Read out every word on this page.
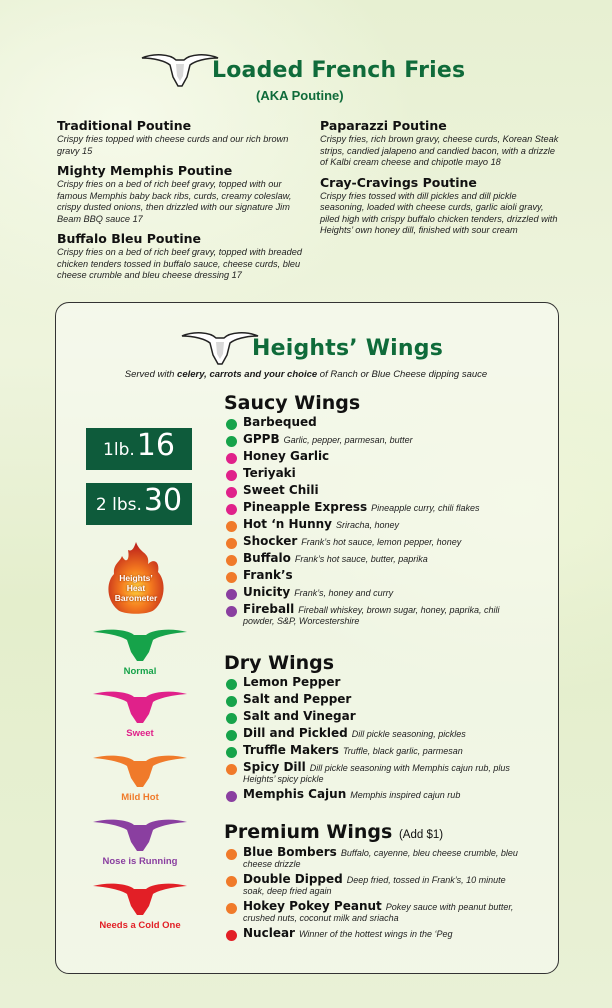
Loaded French Fries
(AKA Poutine)
Traditional Poutine
Crispy fries topped with cheese curds and our rich brown gravy 15
Mighty Memphis Poutine
Crispy fries on a bed of rich beef gravy, topped with our famous Memphis baby back ribs, curds, creamy coleslaw, crispy dusted onions, then drizzled with our signature Jim Beam BBQ sauce 17
Buffalo Bleu Poutine
Crispy fries on a bed of rich beef gravy, topped with breaded chicken tenders tossed in buffalo sauce, cheese curds, bleu cheese crumble and bleu cheese dressing 17
Paparazzi Poutine
Crispy fries, rich brown gravy, cheese curds, Korean Steak strips, candied jalapeno and candied bacon, with a drizzle of Kalbi cream cheese and chipotle mayo 18
Cray-Cravings Poutine
Crispy fries tossed with dill pickles and dill pickle seasoning, loaded with cheese curds, garlic aioli gravy, piled high with crispy buffalo chicken tenders, drizzled with Heights’ own honey dill, finished with sour cream
Heights’ Wings
Served with celery, carrots and your choice of Ranch or Blue Cheese dipping sauce
1lb. 16
2 lbs. 30
Heights’
Heat
Barometer
Normal
Sweet
Mild Hot
Nose is Running
Needs a Cold One
Saucy Wings
Barbequed
GPPB Garlic, pepper, parmesan, butter
Honey Garlic
Teriyaki
Sweet Chili
Pineapple Express Pineapple curry, chili flakes
Hot ‘n Hunny Sriracha, honey
Shocker Frank’s hot sauce, lemon pepper, honey
Buffalo Frank’s hot sauce, butter, paprika
Frank’s
Unicity Frank’s, honey and curry
Fireball Fireball whiskey, brown sugar, honey, paprika, chili powder, S&P, Worcestershire
Dry Wings
Lemon Pepper
Salt and Pepper
Salt and Vinegar
Dill and Pickled Dill pickle seasoning, pickles
Truffle Makers Truffle, black garlic, parmesan
Spicy Dill Dill pickle seasoning with Memphis cajun rub, plus Heights’ spicy pickle
Memphis Cajun Memphis inspired cajun rub
Premium Wings (Add $1)
Blue Bombers Buffalo, cayenne, bleu cheese crumble, bleu cheese drizzle
Double Dipped Deep fried, tossed in Frank’s, 10 minute soak, deep fried again
Hokey Pokey Peanut Pokey sauce with peanut butter, crushed nuts, coconut milk and sriacha
Nuclear Winner of the hottest wings in the ‘Peg
